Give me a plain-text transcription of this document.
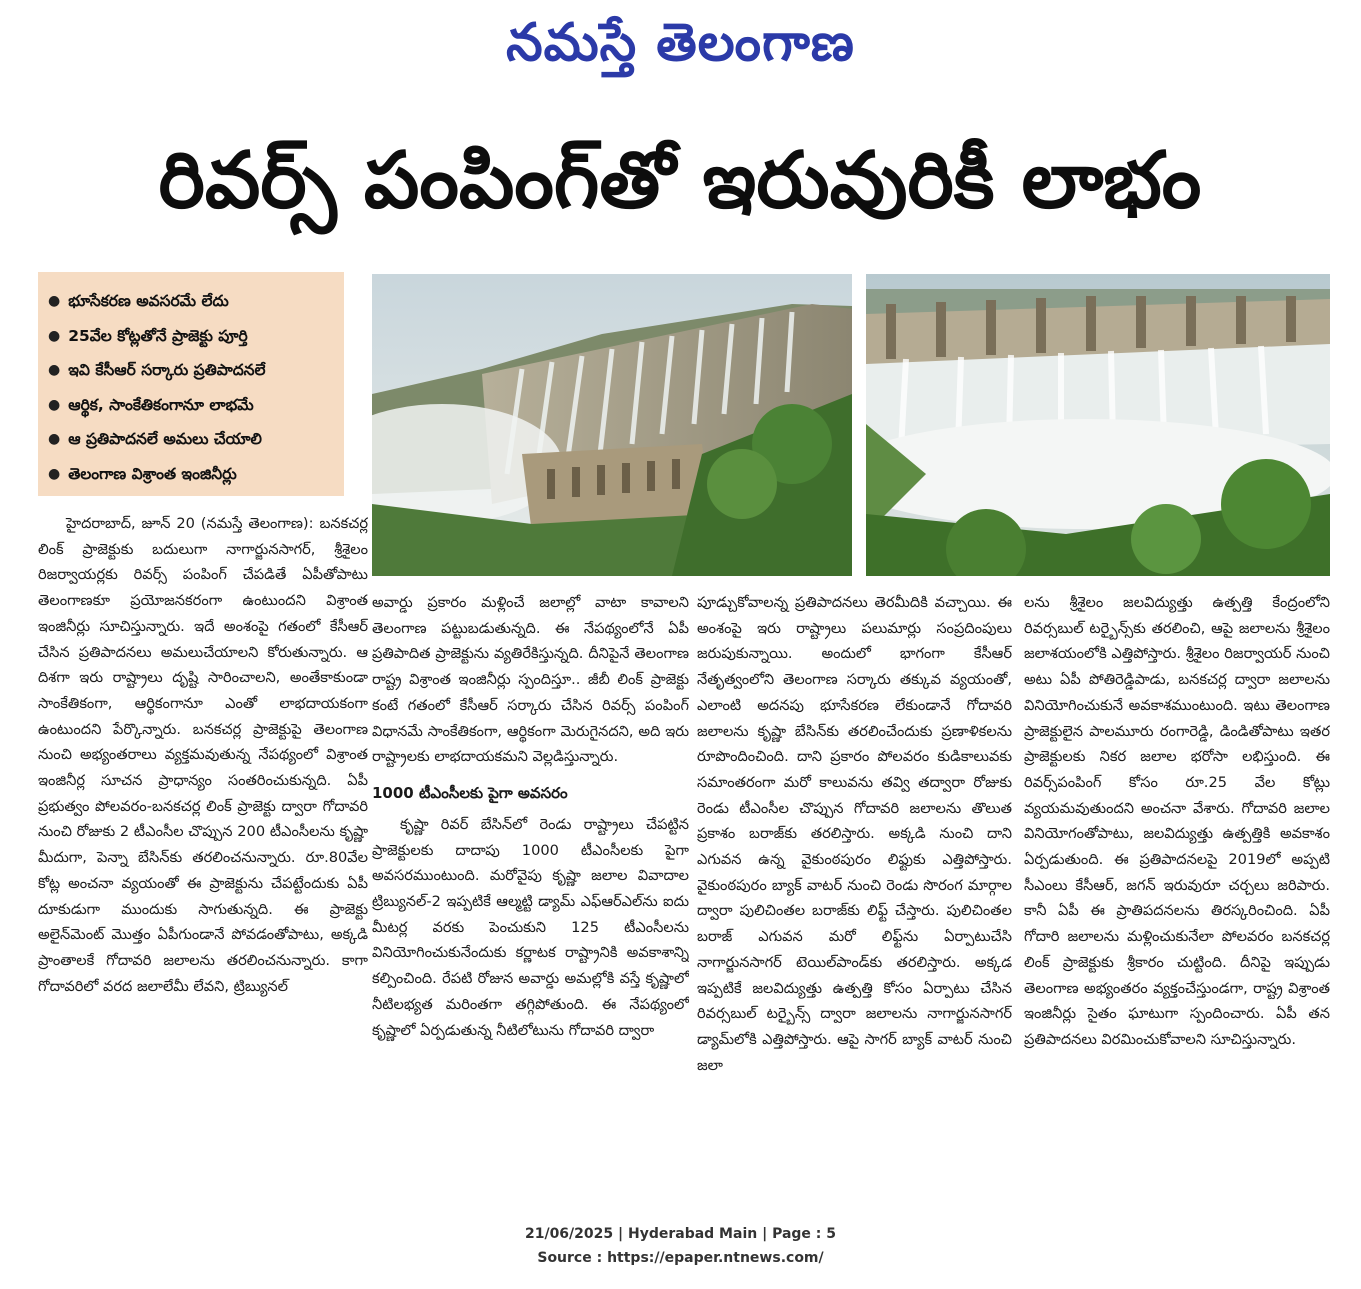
నమస్తే తెలంగాణ
రివర్స్ పంపింగ్‌తో ఇరువురికీ లాభం
● భూసేకరణ అవసరమే లేదు
● 25వేల కోట్లతోనే ప్రాజెక్టు పూర్తి
● ఇవి కేసీఆర్ సర్కారు ప్రతిపాదనలే
● ఆర్థిక, సాంకేతికంగానూ లాభమే
● ఆ ప్రతిపాదనలే అమలు చేయాలి
● తెలంగాణ విశ్రాంత ఇంజినీర్లు

హైదరాబాద్, జూన్ 20 (నమస్తే తెలంగాణ): బనకచర్ల లింక్ ప్రాజెక్టుకు బదులుగా నాగార్జునసాగర్, శ్రీశైలం రిజర్వాయర్లకు రివర్స్ పంపింగ్ చేపడితే ఏపీతోపాటు తెలంగాణకూ ప్రయోజనకరంగా ఉంటుందని విశ్రాంత ఇంజినీర్లు సూచిస్తున్నారు. ఇదే అంశంపై గతంలో కేసీఆర్ చేసిన ప్రతిపాదనలు అమలుచేయాలని కోరుతున్నారు. ఆ దిశగా ఇరు రాష్ట్రాలు దృష్టి సారించాలని, అంతేకాకుండా సాంకేతికంగా, ఆర్థికంగానూ ఎంతో లాభదాయకంగా ఉంటుందని పేర్కొన్నారు. బనకచర్ల ప్రాజెక్టుపై తెలంగాణ నుంచి అభ్యంతరాలు వ్యక్తమవుతున్న నేపథ్యంలో విశ్రాంత ఇంజినీర్ల సూచన ప్రాధాన్యం సంతరించుకున్నది. ఏపీ ప్రభుత్వం పోలవరం-బనకచర్ల లింక్ ప్రాజెక్టు ద్వారా గోదావరి నుంచి రోజుకు 2 టీఎంసీల చొప్పున 200 టీఎంసీలను కృష్ణా మీదుగా, పెన్నా బేసిన్‌కు తరలించనున్నారు. రూ.80వేల కోట్ల అంచనా వ్యయంతో ఈ ప్రాజెక్టును చేపట్టేందుకు ఏపీ దూకుడుగా ముందుకు సాగుతున్నది. ఈ ప్రాజెక్టు అలైన్‌మెంట్ మొత్తం ఏపీగుండానే పోవడంతోపాటు, అక్కడి ప్రాంతాలకే గోదావరి జలాలను తరలించనున్నారు. కాగా గోదావరిలో వరద జలాలేమీ లేవని, ట్రిబ్యునల్

అవార్డు ప్రకారం మళ్లించే జలాల్లో వాటా కావాలని తెలంగాణ పట్టుబడుతున్నది. ఈ నేపథ్యంలోనే ఏపీ ప్రతిపాదిత ప్రాజెక్టును వ్యతిరేకిస్తున్నది. దీనిపైనే తెలంగాణ రాష్ట్ర విశ్రాంత ఇంజినీర్లు స్పందిస్తూ.. జీబీ లింక్ ప్రాజెక్టు కంటే గతంలో కేసీఆర్ సర్కారు చేసిన రివర్స్ పంపింగ్ విధానమే సాంకేతికంగా, ఆర్థికంగా మెరుగైనదని, అది ఇరు రాష్ట్రాలకు లాభదాయకమని వెల్లడిస్తున్నారు.

1000 టీఎంసీలకు పైగా అవసరం

కృష్ణా రివర్ బేసిన్‌లో రెండు రాష్ట్రాలు చేపట్టిన ప్రాజెక్టులకు దాదాపు 1000 టీఎంసీలకు పైగా అవసరముంటుంది. మరోవైపు కృష్ణా జలాల వివాదాల ట్రిబ్యునల్-2 ఇప్పటికే ఆల్మట్టి డ్యామ్ ఎఫ్ఆర్ఎల్‌ను ఐదు మీటర్ల వరకు పెంచుకుని 125 టీఎంసీలను వినియోగించుకునేందుకు కర్ణాటక రాష్ట్రానికి అవకాశాన్ని కల్పించింది. రేపటి రోజున అవార్డు అమల్లోకి వస్తే కృష్ణాలో నీటిలభ్యత మరింతగా తగ్గిపోతుంది. ఈ నేపథ్యంలో కృష్ణాలో ఏర్పడుతున్న నీటిలోటును గోదావరి ద్వారా

పూడ్చుకోవాలన్న ప్రతిపాదనలు తెరమీదికి వచ్చాయి. ఈ అంశంపై ఇరు రాష్ట్రాలు పలుమార్లు సంప్రదింపులు జరుపుకున్నాయి. అందులో భాగంగా కేసీఆర్ నేతృత్వంలోని తెలంగాణ సర్కారు తక్కువ వ్యయంతో, ఎలాంటి అదనపు భూసేకరణ లేకుండానే గోదావరి జలాలను కృష్ణా బేసిన్‌కు తరలించేందుకు ప్రణాళికలను రూపొందించింది. దాని ప్రకారం పోలవరం కుడికాలువకు సమాంతరంగా మరో కాలువను తవ్వి తద్వారా రోజుకు రెండు టీఎంసీల చొప్పున గోదావరి జలాలను తొలుత ప్రకాశం బరాజ్‌కు తరలిస్తారు. అక్కడి నుంచి దాని ఎగువన ఉన్న వైకుంఠపురం లిఫ్టుకు ఎత్తిపోస్తారు. వైకుంఠపురం బ్యాక్ వాటర్ నుంచి రెండు సొరంగ మార్గాల ద్వారా పులిచింతల బరాజ్‌కు లిఫ్ట్ చేస్తారు. పులిచింతల బరాజ్ ఎగువన మరో లిఫ్ట్‌ను ఏర్పాటుచేసి నాగార్జునసాగర్ టెయిల్‌పాండ్‌కు తరలిస్తారు. అక్కడ ఇప్పటికే జలవిద్యుత్తు ఉత్పత్తి కోసం ఏర్పాటు చేసిన రివర్సబుల్ టర్బైన్స్ ద్వారా జలాలను నాగార్జునసాగర్ డ్యామ్‌లోకి ఎత్తిపోస్తారు. ఆపై సాగర్ బ్యాక్ వాటర్ నుంచి జలా

లను శ్రీశైలం జలవిద్యుత్తు ఉత్పత్తి కేంద్రంలోని రివర్సబుల్ టర్బైన్స్‌కు తరలించి, ఆపై జలాలను శ్రీశైలం జలాశయంలోకి ఎత్తిపోస్తారు. శ్రీశైలం రిజర్వాయర్ నుంచి అటు ఏపీ పోతిరెడ్డిపాడు, బనకచర్ల ద్వారా జలాలను వినియోగించుకునే అవకాశముంటుంది. ఇటు తెలంగాణ ప్రాజెక్టులైన పాలమూరు రంగారెడ్డి, డిండితోపాటు ఇతర ప్రాజెక్టులకు నికర జలాల భరోసా లభిస్తుంది. ఈ రివర్స్‌పంపింగ్ కోసం రూ.25 వేల కోట్లు వ్యయమవుతుందని అంచనా వేశారు. గోదావరి జలాల వినియోగంతోపాటు, జలవిద్యుత్తు ఉత్పత్తికి అవకాశం ఏర్పడుతుంది. ఈ ప్రతిపాదనలపై 2019లో అప్పటి సీఎంలు కేసీఆర్, జగన్ ఇరువురూ చర్చలు జరిపారు. కానీ ఏపీ ఈ ప్రాతిపదనలను తిరస్కరించింది. ఏపీ గోదారి జలాలను మళ్లించుకునేలా పోలవరం బనకచర్ల లింక్ ప్రాజెక్టుకు శ్రీకారం చుట్టింది. దీనిపై ఇప్పుడు తెలంగాణ అభ్యంతరం వ్యక్తంచేస్తుండగా, రాష్ట్ర విశ్రాంత ఇంజినీర్లు సైతం ఘాటుగా స్పందించారు. ఏపీ తన ప్రతిపాదనలు విరమించుకోవాలని సూచిస్తున్నారు.

21/06/2025 | Hyderabad Main | Page : 5
Source : https://epaper.ntnews.com/
